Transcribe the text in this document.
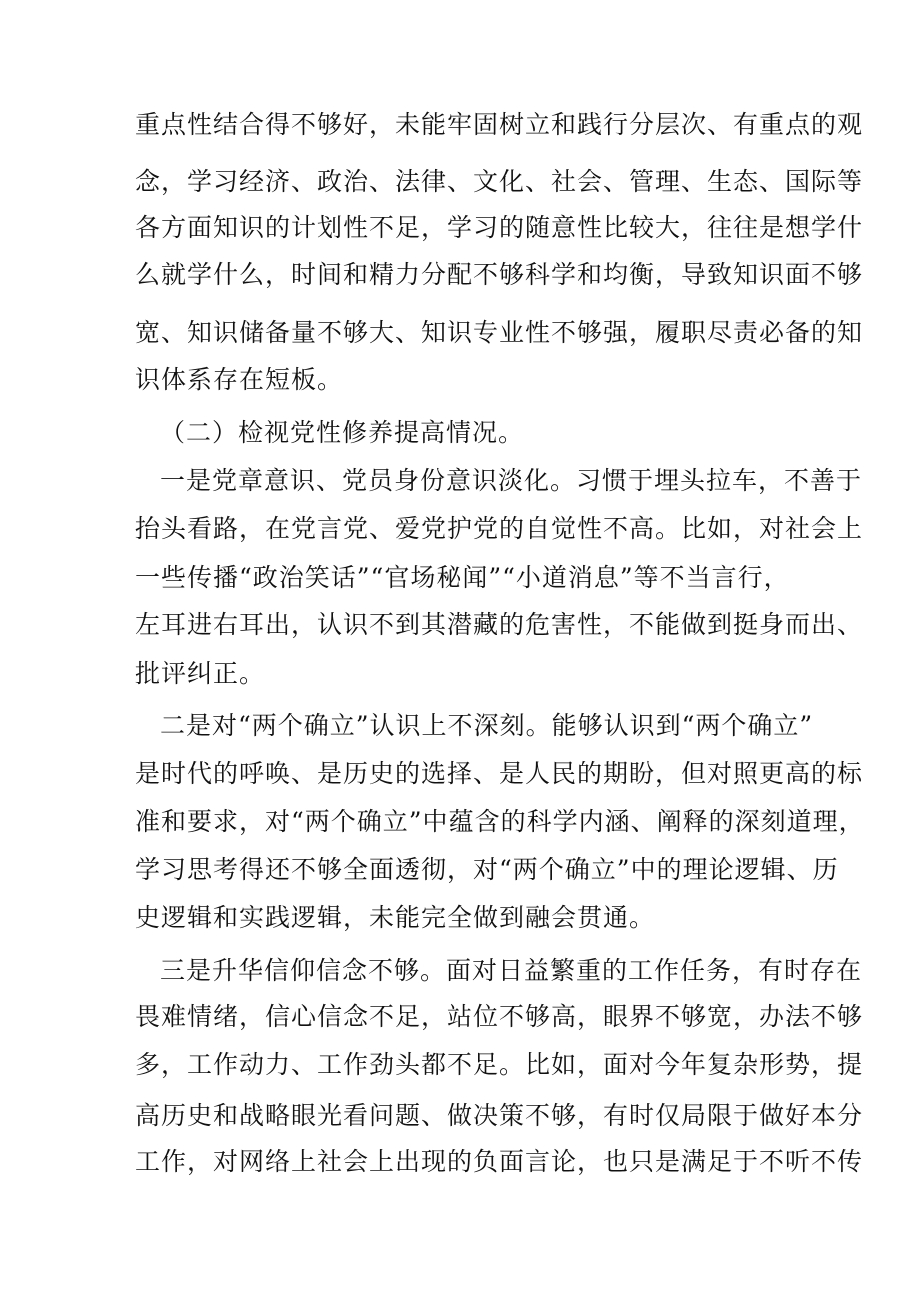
重点性结合得不够好，未能牢固树立和践行分层次、有重点的观
念，学习经济、政治、法律、文化、社会、管理、生态、国际等
各方面知识的计划性不足，学习的随意性比较大，往往是想学什
么就学什么，时间和精力分配不够科学和均衡，导致知识面不够
宽、知识储备量不够大、知识专业性不够强，履职尽责必备的知
识体系存在短板。
（二）检视党性修养提高情况。
一是党章意识、党员身份意识淡化。习惯于埋头拉车，不善于
抬头看路，在党言党、爱党护党的自觉性不高。比如，对社会上
一些传播“政治笑话”“官场秘闻”“小道消息”等不当言行，
左耳进右耳出，认识不到其潜藏的危害性，不能做到挺身而出、
批评纠正。
二是对“两个确立”认识上不深刻。能够认识到“两个确立”
是时代的呼唤、是历史的选择、是人民的期盼，但对照更高的标
准和要求，对“两个确立”中蕴含的科学内涵、阐释的深刻道理，
学习思考得还不够全面透彻，对“两个确立”中的理论逻辑、历
史逻辑和实践逻辑，未能完全做到融会贯通。
三是升华信仰信念不够。面对日益繁重的工作任务，有时存在
畏难情绪，信心信念不足，站位不够高，眼界不够宽，办法不够
多，工作动力、工作劲头都不足。比如，面对今年复杂形势，提
高历史和战略眼光看问题、做决策不够，有时仅局限于做好本分
工作，对网络上社会上出现的负面言论，也只是满足于不听不传
